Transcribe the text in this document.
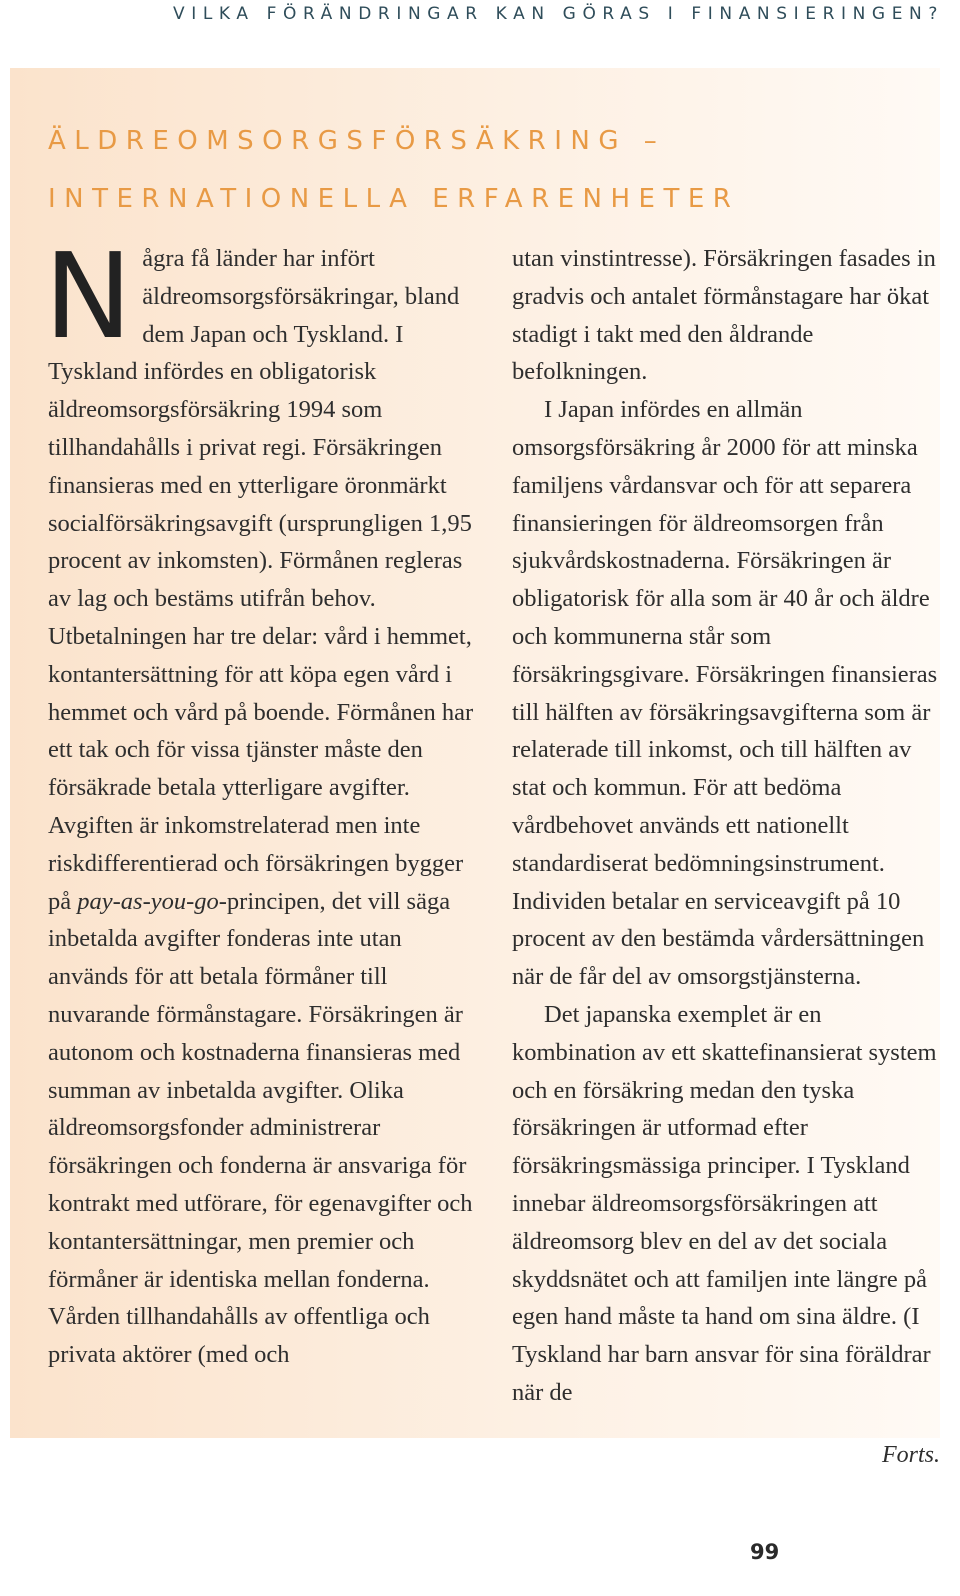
VILKA FÖRÄNDRINGAR KAN GÖRAS I FINANSIERINGEN?
ÄLDREOMSORGSFÖRSÄKRING –
INTERNATIONELLA ERFARENHETER

Några få länder har infört äldreomsorgsförsäkringar, bland dem Japan och Tyskland. I Tyskland infördes en obligatorisk äldreomsorgsförsäkring 1994 som tillhandahålls i privat regi. Försäkringen finansieras med en ytterligare öronmärkt socialförsäkringsavgift (ursprungligen 1,95 procent av inkomsten). Förmånen regleras av lag och bestäms utifrån behov. Utbetalningen har tre delar: vård i hemmet, kontantersättning för att köpa egen vård i hemmet och vård på boende. Förmånen har ett tak och för vissa tjänster måste den försäkrade betala ytterligare avgifter. Avgiften är inkomstrelaterad men inte riskdifferentierad och försäkringen bygger på pay-as-you-go-principen, det vill säga inbetalda avgifter fonderas inte utan används för att betala förmåner till nuvarande förmånstagare. Försäkringen är autonom och kostnaderna finansieras med summan av inbetalda avgifter. Olika äldreomsorgsfonder administrerar försäkringen och fonderna är ansvariga för kontrakt med utförare, för egenavgifter och kontantersättningar, men premier och förmåner är identiska mellan fonderna. Vården tillhandahålls av offentliga och privata aktörer (med och

utan vinstintresse). Försäkringen fasades in gradvis och antalet förmånstagare har ökat stadigt i takt med den åldrande befolkningen.

I Japan infördes en allmän omsorgsförsäkring år 2000 för att minska familjens vårdansvar och för att separera finansieringen för äldreomsorgen från sjukvårdskostnaderna. Försäkringen är obligatorisk för alla som är 40 år och äldre och kommunerna står som försäkringsgivare. Försäkringen finansieras till hälften av försäkringsavgifterna som är relaterade till inkomst, och till hälften av stat och kommun. För att bedöma vårdbehovet används ett nationellt standardiserat bedömningsinstrument. Individen betalar en serviceavgift på 10 procent av den bestämda vårdersättningen när de får del av omsorgstjänsterna.

Det japanska exemplet är en kombination av ett skattefinansierat system och en försäkring medan den tyska försäkringen är utformad efter försäkringsmässiga principer. I Tyskland innebar äldreomsorgsförsäkringen att äldreomsorg blev en del av det sociala skyddsnätet och att familjen inte längre på egen hand måste ta hand om sina äldre. (I Tyskland har barn ansvar för sina föräldrar när de

Forts.
99
